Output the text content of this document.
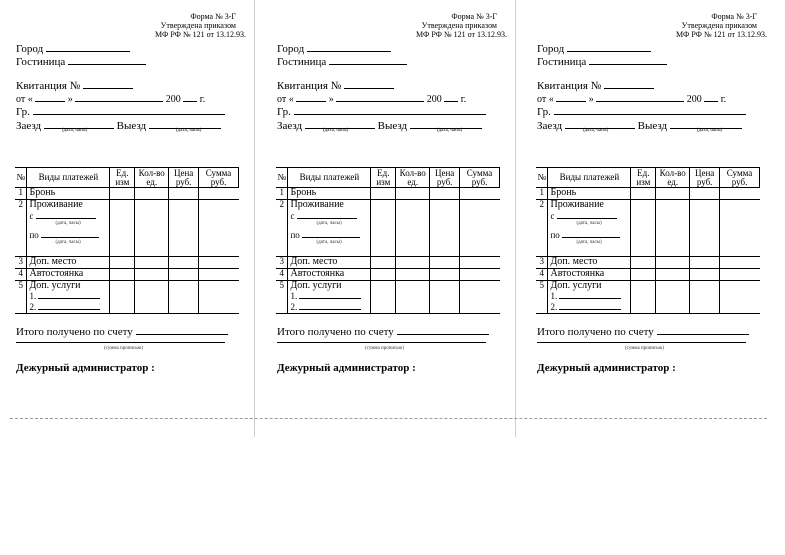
Форма № 3-Г
Утверждена приказом
МФ РФ № 121 от 13.12.93.
Город
Гостиница
Квитанция №
от «	»	200 г.
Гр.
Заезд	Выезд
(дата, часы)	(дата, часы)
№	Виды платежей	Ед. изм	Кол-во ед.	Цена руб.	Сумма руб.
1	Бронь				
2	Проживание
с
(дата, часы)
по
(дата, часы)				

3	Доп. место				
4	Автостоянка				
5	Доп. услуги
1.
2.				

Итого получено по счету
(сумма прописью)
Дежурный администратор :
Форма № 3-Г
Утверждена приказом
МФ РФ № 121 от 13.12.93.
Город
Гостиница
Квитанция №
от «	»	200 г.
Гр.
Заезд	Выезд
(дата, часы)	(дата, часы)
№	Виды платежей	Ед. изм	Кол-во ед.	Цена руб.	Сумма руб.
1	Бронь				
2	Проживание
с
(дата, часы)
по
(дата, часы)				

3	Доп. место				
4	Автостоянка				
5	Доп. услуги
1.
2.				

Итого получено по счету
(сумма прописью)
Дежурный администратор :
Форма № 3-Г
Утверждена приказом
МФ РФ № 121 от 13.12.93.
Город
Гостиница
Квитанция №
от «	»	200 г.
Гр.
Заезд	Выезд
(дата, часы)	(дата, часы)
№	Виды платежей	Ед. изм	Кол-во ед.	Цена руб.	Сумма руб.
1	Бронь				
2	Проживание
с
(дата, часы)
по
(дата, часы)				

3	Доп. место				
4	Автостоянка				
5	Доп. услуги
1.
2.				

Итого получено по счету
(сумма прописью)
Дежурный администратор :
